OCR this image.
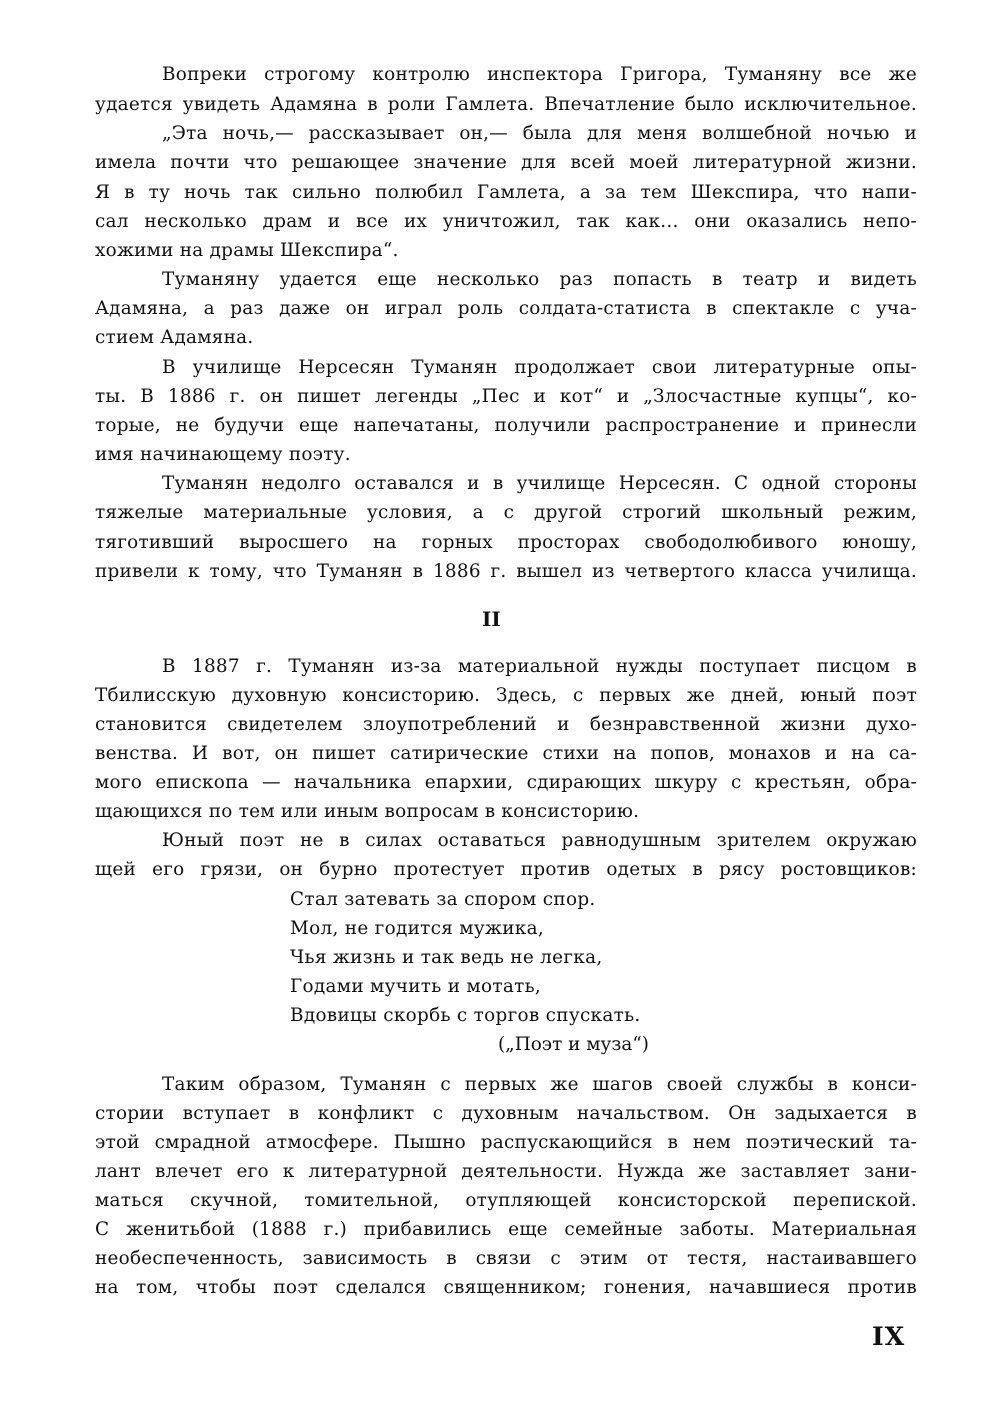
Вопреки строгому контролю инспектора Григора, Туманяну все же
удается увидеть Адамяна в роли Гамлета. Впечатление было исключительное.
„Эта ночь,— рассказывает он,— была для меня волшебной ночью и
имела почти что решающее значение для всей моей литературной жизни.
Я в ту ночь так сильно полюбил Гамлета, а за тем Шекспира, что напи-
сал несколько драм и все их уничтожил, так как... они оказались непо-
хожими на драмы Шекспира“.
Туманяну удается еще несколько раз попасть в театр и видеть
Адамяна, а раз даже он играл роль солдата-статиста в спектакле с уча-
стием Адамяна.
В училище Нерсесян Туманян продолжает свои литературные опы-
ты. В 1886 г. он пишет легенды „Пес и кот“ и „Злосчастные купцы“, ко-
торые, не будучи еще напечатаны, получили распространение и принесли
имя начинающему поэту.
Туманян недолго оставался и в училище Нерсесян. С одной стороны
тяжелые материальные условия, а с другой строгий школьный режим,
тяготивший выросшего на горных просторах свободолюбивого юношу,
привели к тому, что Туманян в 1886 г. вышел из четвертого класса училища.
II
В 1887 г. Туманян из-за материальной нужды поступает писцом в
Тбилисскую духовную консисторию. Здесь, с первых же дней, юный поэт
становится свидетелем злоупотреблений и безнравственной жизни духо-
венства. И вот, он пишет сатирические стихи на попов, монахов и на са-
мого епископа — начальника епархии, сдирающих шкуру с крестьян, обра-
щающихся по тем или иным вопросам в консисторию.
Юный поэт не в силах оставаться равнодушным зрителем окружаю
щей его грязи, он бурно протестует против одетых в рясу ростовщиков:
Стал затевать за спором спор.
Мол, не годится мужика,
Чья жизнь и так ведь не легка,
Годами мучить и мотать,
Вдовицы скорбь с торгов спускать.
(„Поэт и муза“)
Таким образом, Туманян с первых же шагов своей службы в конси-
стории вступает в конфликт с духовным начальством. Он задыхается в
этой смрадной атмосфере. Пышно распускающийся в нем поэтический та-
лант влечет его к литературной деятельности. Нужда же заставляет зани-
маться скучной, томительной, отупляющей консисторской перепиской.
С женитьбой (1888 г.) прибавились еще семейные заботы. Материальная
необеспеченность, зависимость в связи с этим от тестя, настаивавшего
на том, чтобы поэт сделался священником; гонения, начавшиеся против
IX
